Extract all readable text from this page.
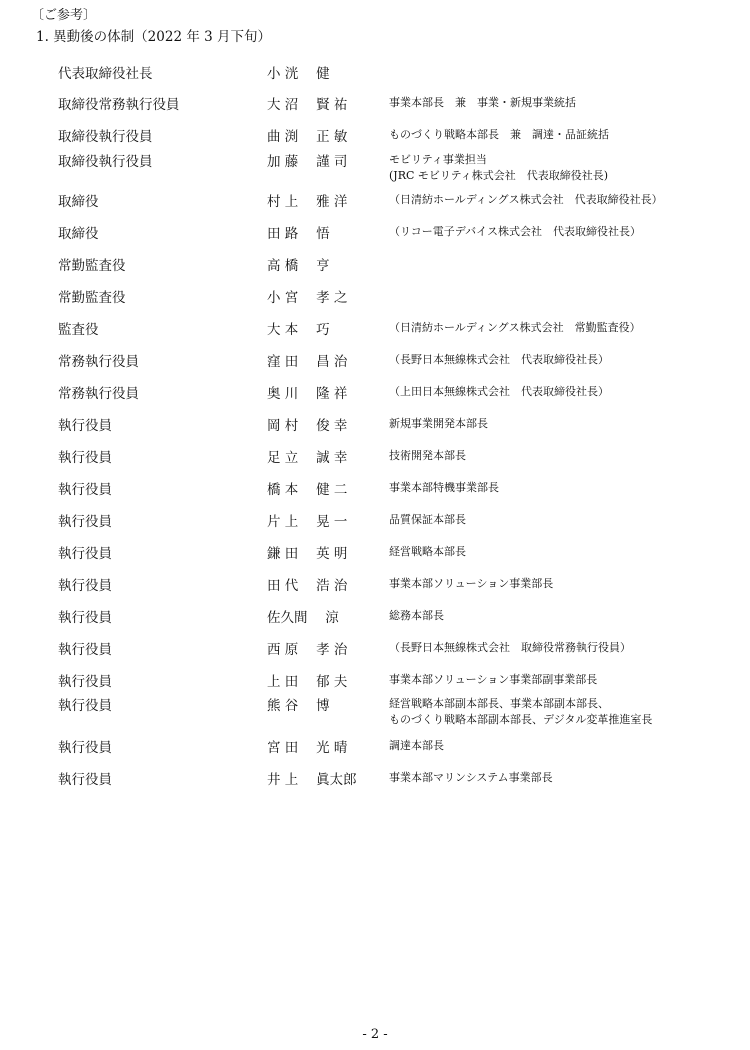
〔ご参考〕
1. 異動後の体制（2022 年 3 月下旬）
代表取締役社長	小 洸 　健
取締役常務執行役員	大 沼 　賢 祐	事業本部長　兼　事業・新規事業統括
取締役執行役員	曲 渕 　正 敏	ものづくり戦略本部長　兼　調達・品証統括
取締役執行役員	加 藤 　謹 司	モビリティ事業担当
(JRC モビリティ株式会社　代表取締役社長)
取締役	村 上 　雅 洋	（日清紡ホールディングス株式会社　代表取締役社長）
取締役	田 路 　悟	（リコー電子デバイス株式会社　代表取締役社長）
常勤監査役	高 橋 　亨
常勤監査役	小 宮 　孝 之
監査役	大 本 　巧	（日清紡ホールディングス株式会社　常勤監査役）
常務執行役員	窪 田 　昌 治	（長野日本無線株式会社　代表取締役社長）
常務執行役員	奥 川 　隆 祥	（上田日本無線株式会社　代表取締役社長）
執行役員	岡 村 　俊 幸	新規事業開発本部長
執行役員	足 立 　誠 幸	技術開発本部長
執行役員	橋 本 　健 二	事業本部特機事業部長
執行役員	片 上 　晃 一	品質保証本部長
執行役員	鎌 田 　英 明	経営戦略本部長
執行役員	田 代 　浩 治	事業本部ソリューション事業部長
執行役員	佐久間 　涼	総務本部長
執行役員	西 原 　孝 治	（長野日本無線株式会社　取締役常務執行役員）
執行役員	上 田 　郁 夫	事業本部ソリューション事業部副事業部長
執行役員	熊 谷 　博	経営戦略本部副本部長、事業本部副本部長、
ものづくり戦略本部副本部長、デジタル変革推進室長
執行役員	宮 田 　光 晴	調達本部長
執行役員	井 上 　眞太郎	事業本部マリンシステム事業部長
- 2 -
